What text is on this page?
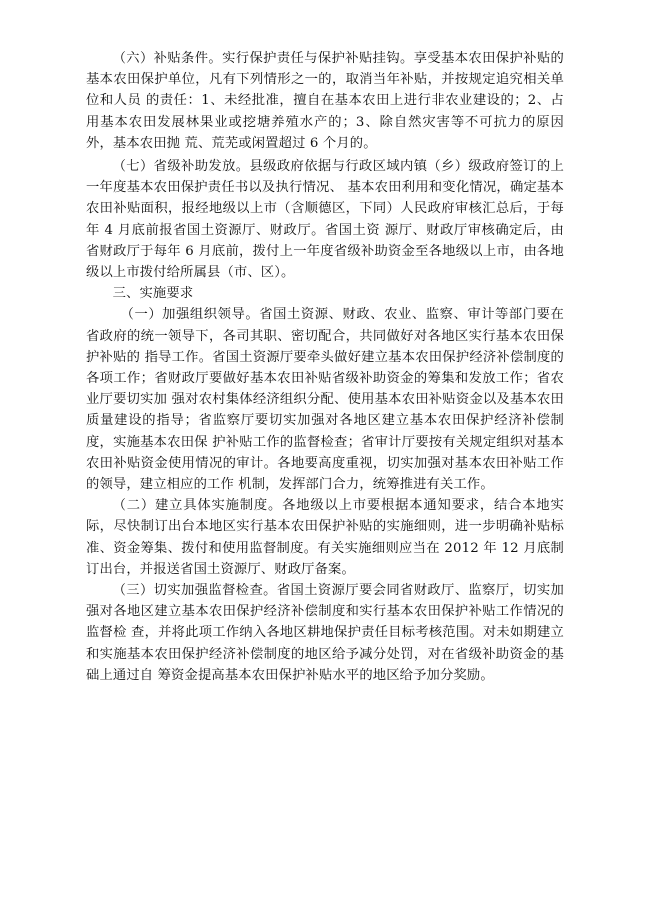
（六）补贴条件。实行保护责任与保护补贴挂钩。享受基本农田保护补贴的基本农田保护单位，凡有下列情形之一的，取消当年补贴，并按规定追究相关单位和人员 的责任：1、未经批准，擅自在基本农田上进行非农业建设的；2、占用基本农田发展林果业或挖塘养殖水产的；3、除自然灾害等不可抗力的原因外，基本农田抛 荒、荒芜或闲置超过 6 个月的。

（七）省级补助发放。县级政府依据与行政区域内镇（乡）级政府签订的上一年度基本农田保护责任书以及执行情况、 基本农田利用和变化情况，确定基本农田补贴面积，报经地级以上市（含顺德区，下同）人民政府审核汇总后，于每年 4 月底前报省国土资源厅、财政厅。省国土资 源厅、财政厅审核确定后，由省财政厅于每年 6 月底前，拨付上一年度省级补助资金至各地级以上市，由各地级以上市拨付给所属县（市、区）。

三、实施要求

（一）加强组织领导。省国土资源、财政、农业、监察、审计等部门要在省政府的统一领导下，各司其职、密切配合，共同做好对各地区实行基本农田保护补贴的 指导工作。省国土资源厅要牵头做好建立基本农田保护经济补偿制度的各项工作；省财政厅要做好基本农田补贴省级补助资金的筹集和发放工作；省农业厅要切实加 强对农村集体经济组织分配、使用基本农田补贴资金以及基本农田质量建设的指导；省监察厅要切实加强对各地区建立基本农田保护经济补偿制度，实施基本农田保 护补贴工作的监督检查；省审计厅要按有关规定组织对基本农田补贴资金使用情况的审计。各地要高度重视，切实加强对基本农田补贴工作的领导，建立相应的工作 机制，发挥部门合力，统筹推进有关工作。

（二）建立具体实施制度。各地级以上市要根据本通知要求，结合本地实际，尽快制订出台本地区实行基本农田保护补贴的实施细则，进一步明确补贴标准、资金筹集、拨付和使用监督制度。有关实施细则应当在 2012 年 12 月底制订出台，并报送省国土资源厅、财政厅备案。

（三）切实加强监督检查。省国土资源厅要会同省财政厅、监察厅，切实加强对各地区建立基本农田保护经济补偿制度和实行基本农田保护补贴工作情况的监督检 查，并将此项工作纳入各地区耕地保护责任目标考核范围。对未如期建立和实施基本农田保护经济补偿制度的地区给予减分处罚，对在省级补助资金的基础上通过自 筹资金提高基本农田保护补贴水平的地区给予加分奖励。
